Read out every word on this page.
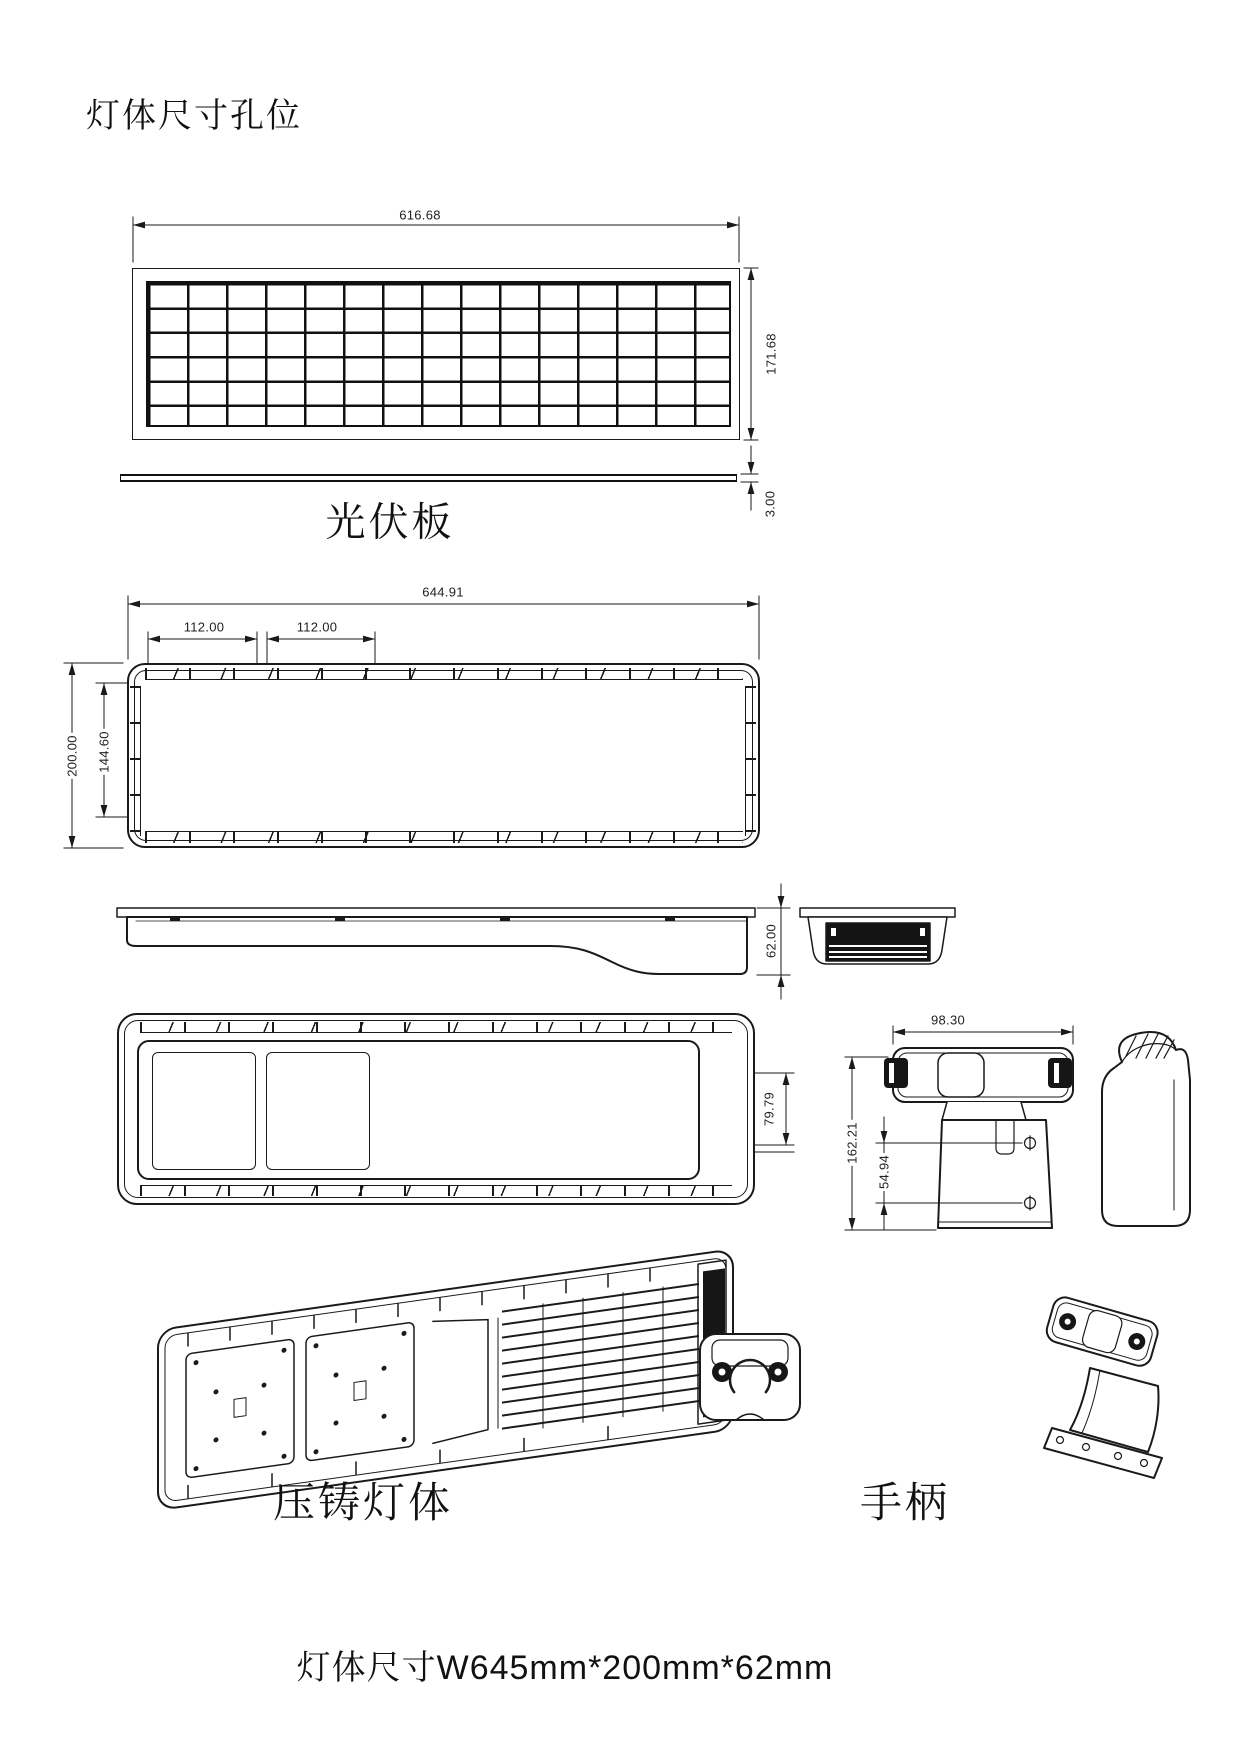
灯体尺寸孔位
616.68
171.68
3.00
光伏板
644.91
112.00	112.00
200.00 144.60
62.00
79.79
98.30
162.21
54.94
压铸灯体	手柄
灯体尺寸W645mm*200mm*62mm
